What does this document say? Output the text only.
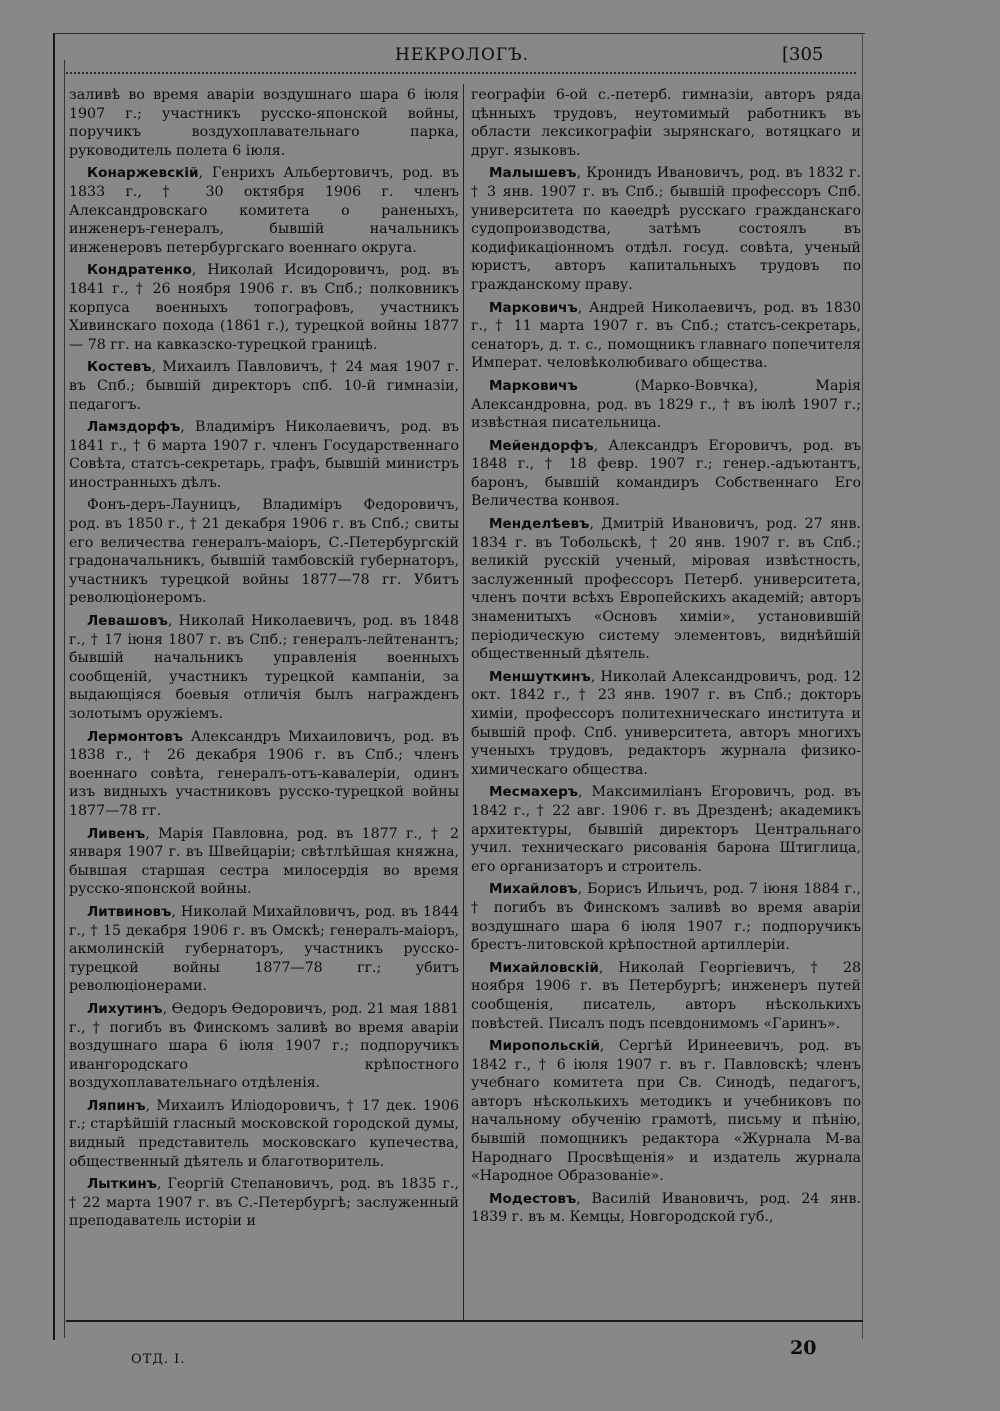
НЕКРОЛОГЪ.	[305

заливѣ во время аварiи воздушнаго шара 6 iюля 1907 г.; участникъ русско-японской войны, поручикъ воздухоплавательнаго парка, руководитель полета 6 iюля.

Конаржевскiй, Генрихъ Альбертовичъ, род. въ 1833 г., † 30 октября 1906 г. членъ Александровскаго комитета о раненыхъ, инженеръ-генералъ, бывшiй начальникъ инженеровъ петербургскаго военнаго округа.

Кондратенко, Николай Исидоровичъ, род. въ 1841 г., † 26 ноября 1906 г. въ Спб.; полковникъ корпуса военныхъ топографовъ, участникъ Хивинскаго похода (1861 г.), турецкой войны 1877 — 78 гг. на кавказско-турецкой границѣ.

Костевъ, Михаилъ Павловичъ, † 24 мая 1907 г. въ Спб.; бывшiй директоръ спб. 10-й гимназiи, педагогъ.

Ламздорфъ, Владимiръ Николаевичъ, род. въ 1841 г., † 6 марта 1907 г. членъ Государственнаго Совѣта, статсъ-секретарь, графъ, бывшiй министръ иностранныхъ дѣлъ.

Фонъ-деръ-Лауницъ, Владимiръ Федоровичъ, род. въ 1850 г., † 21 декабря 1906 г. въ Спб.; свиты его величества генералъ-маiоръ, С.-Петербургскiй градоначальникъ, бывшiй тамбовскiй губернаторъ, участникъ турецкой войны 1877—78 гг. Убитъ революцiонеромъ.

Левашовъ, Николай Николаевичъ, род. въ 1848 г., † 17 iюня 1807 г. въ Спб.; генералъ-лейтенантъ; бывшiй начальникъ управленiя военныхъ сообщенiй, участникъ турецкой кампанiи, за выдающiяся боевыя отличiя былъ награжденъ золотымъ оружiемъ.

Лермонтовъ Александръ Михаиловичъ, род. въ 1838 г., † 26 декабря 1906 г. въ Спб.; членъ военнаго совѣта, генералъ-отъ-кавалерiи, одинъ изъ видныхъ участниковъ русско-турецкой войны 1877—78 гг.

Ливенъ, Марiя Павловна, род. въ 1877 г., † 2 января 1907 г. въ Швейцарiи; свѣтлѣйшая княжна, бывшая старшая сестра милосердiя во время русско-японской войны.

Литвиновъ, Николай Михайловичъ, род. въ 1844 г., † 15 декабря 1906 г. въ Омскѣ; генералъ-маiоръ, акмолинскiй губернаторъ, участникъ русско-турецкой войны 1877—78 гг.; убитъ революцiонерами.

Лихутинъ, Өедоръ Өедоровичъ, род. 21 мая 1881 г., † погибъ въ Финскомъ заливѣ во время аварiи воздушнаго шара 6 iюля 1907 г.; подпоручикъ ивангородскаго крѣпостного воздухоплавательнаго отдѣленiя.

Ляпинъ, Михаилъ Илiодоровичъ, † 17 дек. 1906 г.; старѣйшiй гласный московской городской думы, видный представитель московскаго купечества, общественный дѣятель и благотворитель.

Лыткинъ, Георгiй Степановичъ, род. въ 1835 г., † 22 марта 1907 г. въ С.-Петербургѣ; заслуженный преподаватель исторiи и

географiи 6-ой с.-петерб. гимназiи, авторъ ряда цѣнныхъ трудовъ, неутомимый работникъ въ области лексикографiи зырянскаго, вотяцкаго и друг. языковъ.

Малышевъ, Кронидъ Ивановичъ, род. въ 1832 г. † 3 янв. 1907 г. въ Спб.; бывшiй профессоръ Спб. университета по каѳедрѣ русскаго гражданскаго судопроизводства, затѣмъ состоялъ въ кодификацiонномъ отдѣл. госуд. совѣта, ученый юристъ, авторъ капитальныхъ трудовъ по гражданскому праву.

Марковичъ, Андрей Николаевичъ, род. въ 1830 г., † 11 марта 1907 г. въ Спб.; статсъ-секретарь, сенаторъ, д. т. с., помощникъ главнаго попечителя Императ. человѣколюбиваго общества.

Марковичъ (Марко-Вовчка), Марiя Александровна, род. въ 1829 г., † въ iюлѣ 1907 г.; извѣстная писательница.

Мейендорфъ, Александръ Егоровичъ, род. въ 1848 г., † 18 февр. 1907 г.; генер.-адъютантъ, баронъ, бывшiй командиръ Собственнаго Его Величества конвоя.

Менделѣевъ, Дмитрiй Ивановичъ, род. 27 янв. 1834 г. въ Тобольскѣ, † 20 янв. 1907 г. въ Спб.; великiй русскiй ученый, мiровая извѣстность, заслуженный профессоръ Петерб. университета, членъ почти всѣхъ Европейскихъ академiй; авторъ знаменитыхъ «Основъ химiи», установившiй перiодическую систему элементовъ, виднѣйшiй общественный дѣятель.

Меншуткинъ, Николай Александровичъ, род. 12 окт. 1842 г., † 23 янв. 1907 г. въ Спб.; докторъ химiи, профессоръ политехническаго института и бывшiй проф. Спб. университета, авторъ многихъ ученыхъ трудовъ, редакторъ журнала физико-химическаго общества.

Месмахеръ, Максимилiанъ Егоровичъ, род. въ 1842 г., † 22 авг. 1906 г. въ Дрезденѣ; академикъ архитектуры, бывшiй директоръ Центральнаго учил. техническаго рисованiя барона Штиглица, его организаторъ и строитель.

Михайловъ, Борисъ Ильичъ, род. 7 iюня 1884 г., † погибъ въ Финскомъ заливѣ во время аварiи воздушнаго шара 6 iюля 1907 г.; подпоручикъ брестъ-литовской крѣпостной артиллерiи.

Михайловскiй, Николай Георгiевичъ, † 28 ноября 1906 г. въ Петербургѣ; инженеръ путей сообщенiя, писатель, авторъ нѣсколькихъ повѣстей. Писалъ подъ псевдонимомъ «Гаринъ».

Миропольскiй, Сергѣй Иринеевичъ, род. въ 1842 г., † 6 iюля 1907 г. въ г. Павловскѣ; членъ учебнаго комитета при Св. Синодѣ, педагогъ, авторъ нѣсколькихъ методикъ и учебниковъ по начальному обученiю грамотѣ, письму и пѣнiю, бывшiй помощникъ редактора «Журнала М-ва Народнаго Просвѣщенiя» и издатель журнала «Народное Образованiе».

Модестовъ, Василiй Ивановичъ, род. 24 янв. 1839 г. въ м. Кемцы, Новгородской губ.,

ОТД. I.
20
